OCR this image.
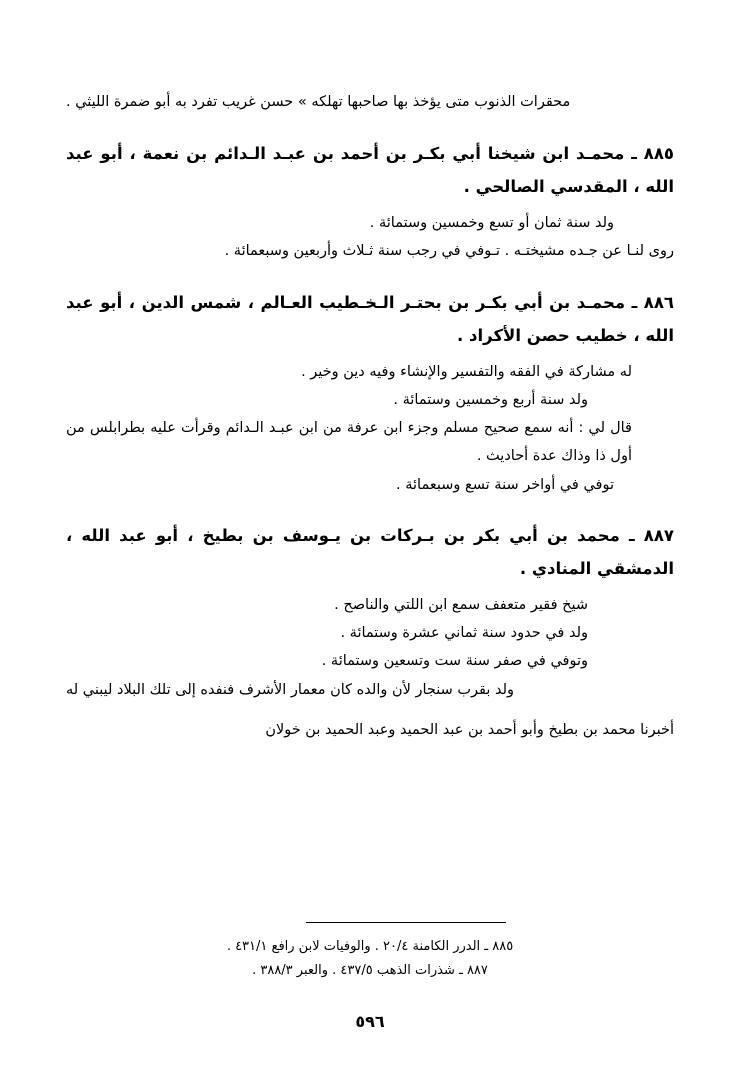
محقرات الذنوب متى يؤخذ بها صاحبها تهلكه » حسن غريب تفرد به أبو ضمرة اللیثي .

٨٨٥ ـ محمـد ابن شيخنا أبي بكـر بن أحمد بن عبـد الـدائم بن نعمة ، أبو عبد الله ، المقدسي الصالحي .

ولد سنة ثمان أو تسع وخمسين وستمائة .

روى لنـا عن جـده مشيختـه . تـوفي في رجب سنة ثـلاث وأربعين وسبعمائة .

٨٨٦ ـ محمـد بن أبي بكـر بن بحتـر الـخـطيب العـالم ، شمس الدين ، أبو عبد الله ، خطيب حصن الأكراد .

له مشاركة في الفقه والتفسير والإنشاء وفيه دين وخير .

ولد سنة أربع وخمسين وستمائة .

قال لي : أنه سمع صحيح مسلم وجزء ابن عرفة من ابن عبـد الـدائم وقرأت عليه بطرابلس من أول ذا وذاك عدة أحاديث .

توفي في أواخر سنة تسع وسبعمائة .

٨٨٧ ـ محمد بن أبي بكر بن بـركات بن يـوسف بن بطيخ ، أبو عبد الله ، الدمشقي المنادي .

شيخ فقير متعفف سمع ابن اللتي والناصح .

ولد في حدود سنة ثماني عشرة وستمائة .

وتوفي في صفر سنة ست وتسعين وستمائة .

ولد بقرب سنجار لأن والده كان معمار الأشرف فنفده إلى تلك البلاد ليبني له

أخبرنا محمد بن بطيخ وأبو أحمد بن عبد الحميد وعبد الحميد بن خولان

٨٨٥ ـ الدرر الكامنة ٢٠/٤ . والوفيات لابن رافع ٤٣١/١ .

٨٨٧ ـ شذرات الذهب ٤٣٧/٥ . والعبر ٣٨٨/٣ .

٥٩٦
